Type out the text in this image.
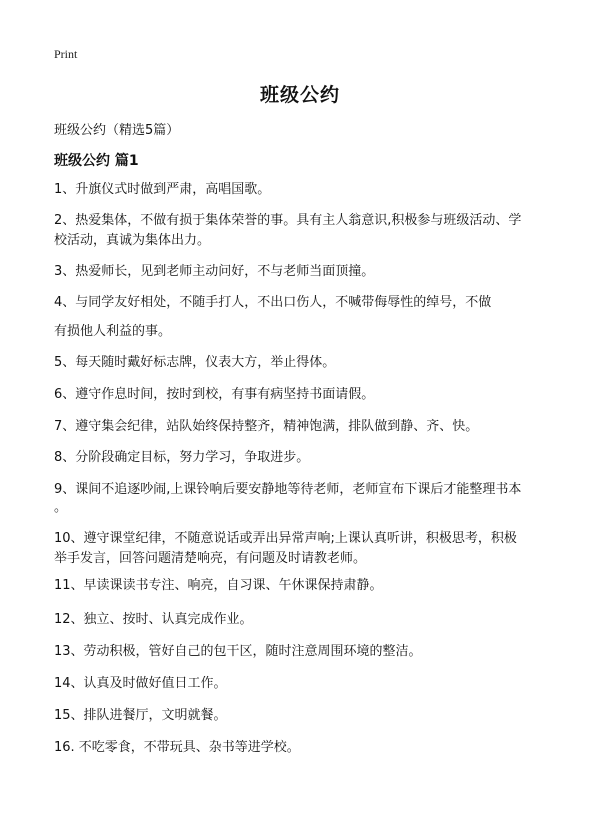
Print
班级公约
班级公约（精选5篇）
班级公约 篇1

1、升旗仪式时做到严肃，高唱国歌。

2、热爱集体，不做有损于集体荣誉的事。具有主人翁意识,积极参与班级活动、学

校活动，真诚为集体出力。

3、热爱师长，见到老师主动问好，不与老师当面顶撞。

4、与同学友好相处，不随手打人，不出口伤人，不喊带侮辱性的绰号，不做

有损他人利益的事。

5、每天随时戴好标志牌，仪表大方，举止得体。

6、遵守作息时间，按时到校，有事有病坚持书面请假。

7、遵守集会纪律，站队始终保持整齐，精神饱满，排队做到静、齐、快。

8、分阶段确定目标，努力学习，争取进步。

9、课间不追逐吵闹,上课铃响后要安静地等待老师，老师宣布下课后才能整理书本

。

10、遵守课堂纪律，不随意说话或弄出异常声响;上课认真听讲，积极思考，积极

举手发言，回答问题清楚响亮，有问题及时请教老师。

11、早读课读书专注、响亮，自习课、午休课保持肃静。

12、独立、按时、认真完成作业。

13、劳动积极，管好自己的包干区，随时注意周围环境的整洁。

14、认真及时做好值日工作。

15、排队进餐厅，文明就餐。

16. 不吃零食，不带玩具、杂书等进学校。
